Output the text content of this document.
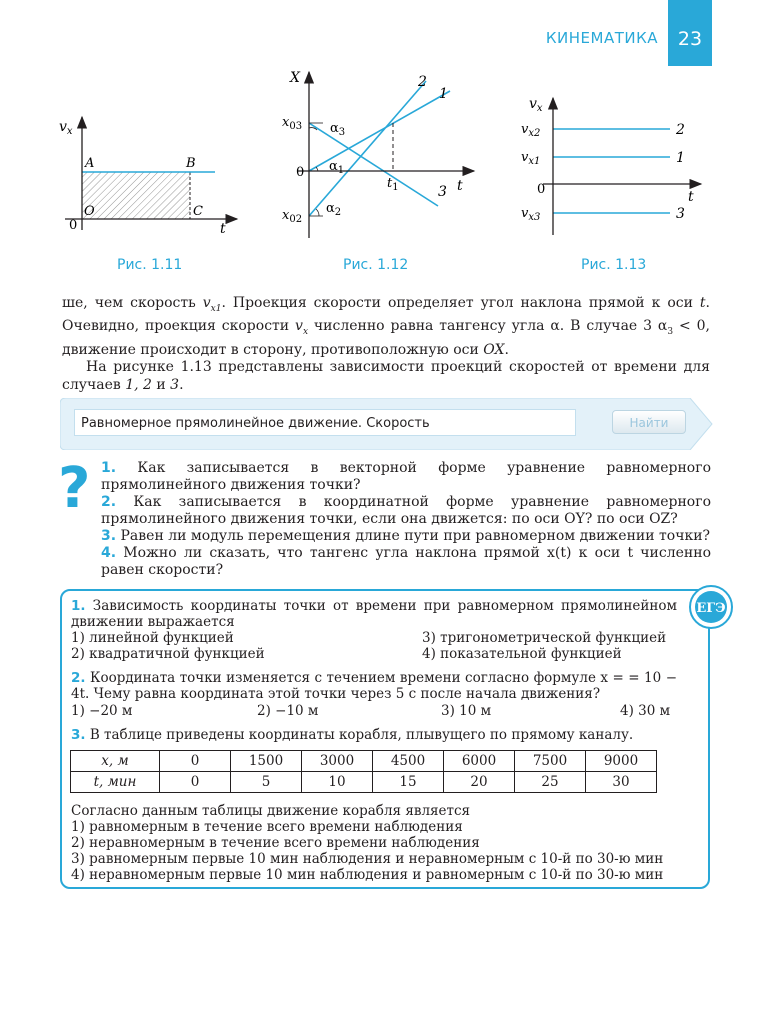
КИНЕМАТИКА	23
$v_x$
A	B
O	C
0	t
Рис. 1.11
X
$x_{03}$
0
$x_{02}$
$\alpha_3$
$\alpha_1$
$\alpha_2$
$t_1$	t
1
2
3
Рис. 1.12
$v_x$
$v_{x2}$
$v_{x1}$
0
$v_{x3}$
t
2
1
3
Рис. 1.13

ше, чем скорость $v_{x1}$. Проекция скорости определяет угол наклона прямой к оси t. Очевидно, проекция скорости $v_x$ численно равна тангенсу угла α. В случае 3 $\alpha_3 < 0$, движение происходит в сторону, противоположную оси OX.

На рисунке 1.13 представлены зависимости проекций скоростей от времени для случаев 1, 2 и 3.

Равномерное прямолинейное движение. Скорость	Найти
? 1. Как записывается в векторной форме уравнение равномерного прямолинейного движения точки?
2. Как записывается в координатной форме уравнение равномерного прямолинейного движения точки, если она движется: по оси OY? по оси OZ?
3. Равен ли модуль перемещения длине пути при равномерном движении точки?
4. Можно ли сказать, что тангенс угла наклона прямой x(t) к оси t численно равен скорости?
ЕГЭ
1. Зависимость координаты точки от времени при равномерном прямолинейном движении выражается
1) линейной функцией	3) тригонометрической функцией
2) квадратичной функцией	4) показательной функцией
2. Координата точки изменяется с течением времени согласно формуле x = = 10 − 4t. Чему равна координата этой точки через 5 с после начала движения?
1) −20 м	2) −10 м	3) 10 м	4) 30 м
3. В таблице приведены координаты корабля, плывущего по прямому каналу.
x, м	0	1500	3000	4500	6000	7500	9000
t, мин	0	5	10	15	20	25	30
Согласно данным таблицы движение корабля является
1) равномерным в течение всего времени наблюдения
2) неравномерным в течение всего времени наблюдения
3) равномерным первые 10 мин наблюдения и неравномерным с 10-й по 30-ю мин
4) неравномерным первые 10 мин наблюдения и равномерным с 10-й по 30-ю мин
